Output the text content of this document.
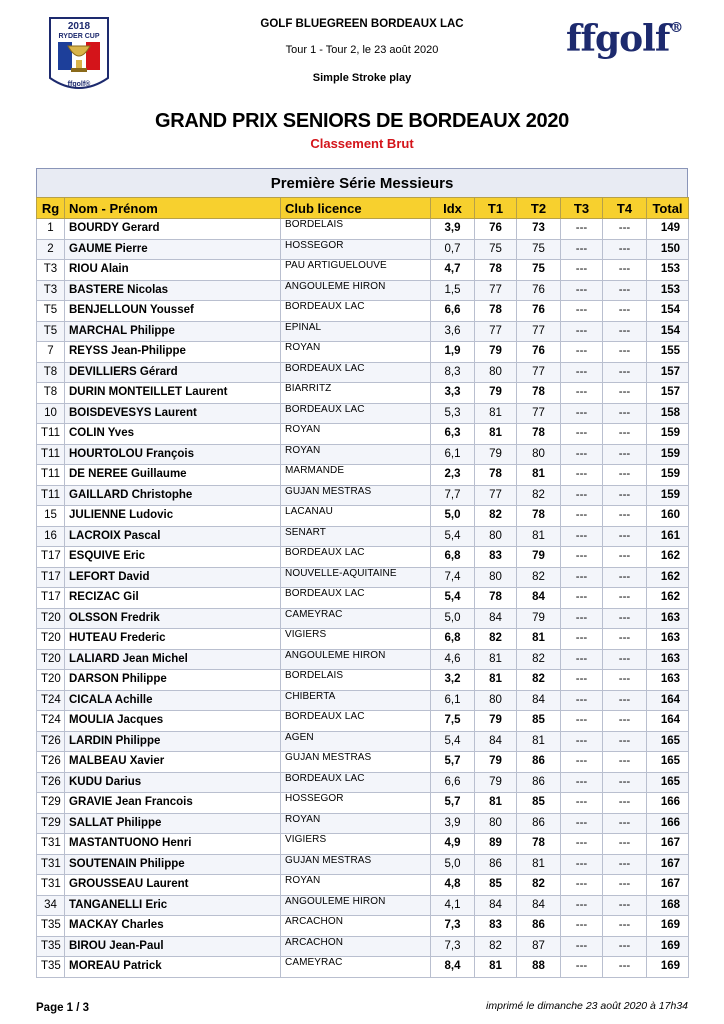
2018
RYDER CUP
ffgolf®
ffgolf®
GOLF BLUEGREEN BORDEAUX LAC
Tour 1 - Tour 2, le 23 août 2020
Simple Stroke play
GRAND PRIX SENIORS DE BORDEAUX 2020
Classement Brut
Première Série Messieurs
Rg	Nom - Prénom	Club licence	Idx	T1	T2	T3	T4	Total
1	BOURDY Gerard	BORDELAIS	3,9	76	73	---	---	149
2	GAUME Pierre	HOSSEGOR	0,7	75	75	---	---	150
T3	RIOU Alain	PAU ARTIGUELOUVE	4,7	78	75	---	---	153
T3	BASTERE Nicolas	ANGOULEME HIRON	1,5	77	76	---	---	153
T5	BENJELLOUN Youssef	BORDEAUX LAC	6,6	78	76	---	---	154
T5	MARCHAL Philippe	EPINAL	3,6	77	77	---	---	154
7	REYSS Jean-Philippe	ROYAN	1,9	79	76	---	---	155
T8	DEVILLIERS Gérard	BORDEAUX LAC	8,3	80	77	---	---	157
T8	DURIN MONTEILLET Laurent	BIARRITZ	3,3	79	78	---	---	157
10	BOISDEVESYS Laurent	BORDEAUX LAC	5,3	81	77	---	---	158
T11	COLIN Yves	ROYAN	6,3	81	78	---	---	159
T11	HOURTOLOU François	ROYAN	6,1	79	80	---	---	159
T11	DE NEREE Guillaume	MARMANDE	2,3	78	81	---	---	159
T11	GAILLARD Christophe	GUJAN MESTRAS	7,7	77	82	---	---	159
15	JULIENNE Ludovic	LACANAU	5,0	82	78	---	---	160
16	LACROIX Pascal	SENART	5,4	80	81	---	---	161
T17	ESQUIVE Eric	BORDEAUX LAC	6,8	83	79	---	---	162
T17	LEFORT David	NOUVELLE-AQUITAINE	7,4	80	82	---	---	162
T17	RECIZAC Gil	BORDEAUX LAC	5,4	78	84	---	---	162
T20	OLSSON Fredrik	CAMEYRAC	5,0	84	79	---	---	163
T20	HUTEAU Frederic	VIGIERS	6,8	82	81	---	---	163
T20	LALIARD Jean Michel	ANGOULEME HIRON	4,6	81	82	---	---	163
T20	DARSON Philippe	BORDELAIS	3,2	81	82	---	---	163
T24	CICALA Achille	CHIBERTA	6,1	80	84	---	---	164
T24	MOULIA Jacques	BORDEAUX LAC	7,5	79	85	---	---	164
T26	LARDIN Philippe	AGEN	5,4	84	81	---	---	165
T26	MALBEAU Xavier	GUJAN MESTRAS	5,7	79	86	---	---	165
T26	KUDU Darius	BORDEAUX LAC	6,6	79	86	---	---	165
T29	GRAVIE Jean Francois	HOSSEGOR	5,7	81	85	---	---	166
T29	SALLAT Philippe	ROYAN	3,9	80	86	---	---	166
T31	MASTANTUONO Henri	VIGIERS	4,9	89	78	---	---	167
T31	SOUTENAIN Philippe	GUJAN MESTRAS	5,0	86	81	---	---	167
T31	GROUSSEAU Laurent	ROYAN	4,8	85	82	---	---	167
34	TANGANELLI Eric	ANGOULEME HIRON	4,1	84	84	---	---	168
T35	MACKAY Charles	ARCACHON	7,3	83	86	---	---	169
T35	BIROU Jean-Paul	ARCACHON	7,3	82	87	---	---	169
T35	MOREAU Patrick	CAMEYRAC	8,4	81	88	---	---	169
Page 1 / 3	imprimé le dimanche 23 août 2020 à 17h34
